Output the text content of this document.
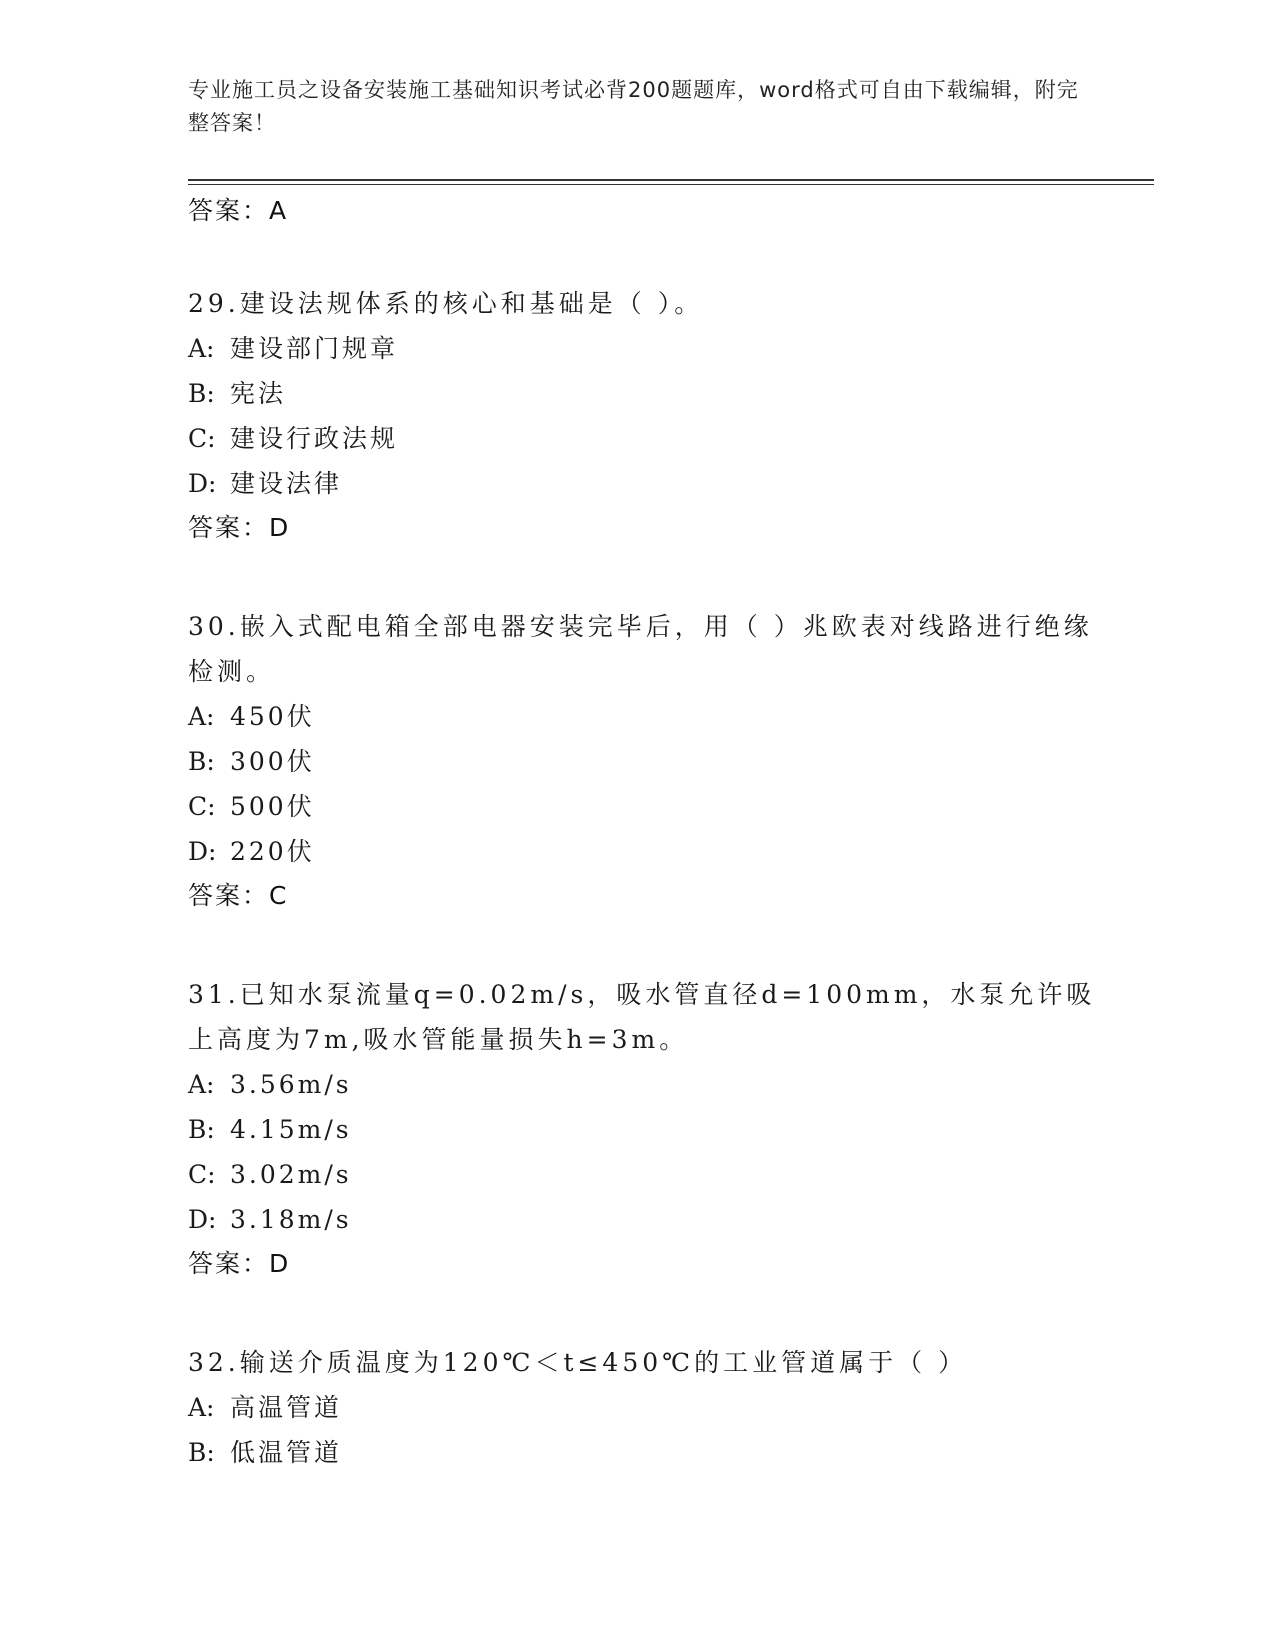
专业施工员之设备安装施工基础知识考试必背200题题库，word格式可自由下载编辑，附完整答案！
答案：A

29.建设法规体系的核心和基础是（ ）。

A: 建设部门规章
B: 宪法
C: 建设行政法规
D: 建设法律
答案：D

30.嵌入式配电箱全部电器安装完毕后，用（ ）兆欧表对线路进行绝缘检测。

A: 450伏
B: 300伏
C: 500伏
D: 220伏
答案：C

31.已知水泵流量q=0.02m/s，吸水管直径d=100mm，水泵允许吸上高度为7m,吸水管能量损失h=3m。

A: 3.56m/s
B: 4.15m/s
C: 3.02m/s
D: 3.18m/s
答案：D

32.输送介质温度为120℃＜t≤450℃的工业管道属于（ ）

A: 高温管道
B: 低温管道
